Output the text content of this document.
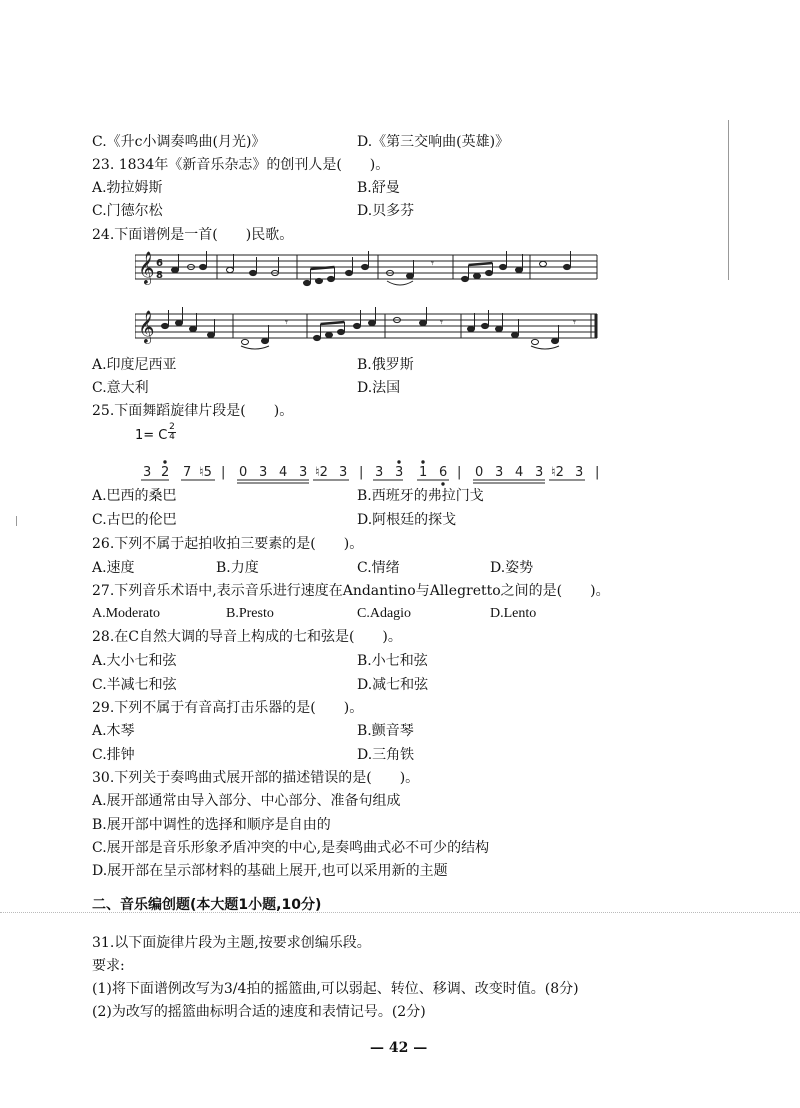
C.《升c小调奏鸣曲(月光)》	D.《第三交响曲(英雄)》
23. 1834年《新音乐杂志》的创刊人是(　　)。
A.勃拉姆斯	B.舒曼
C.门德尔松	D.贝多芬
24.下面谱例是一首(　　)民歌。
𝄞 6
8
𝄾
𝄞	𝄾	𝄾	𝄾
A.印度尼西亚	B.俄罗斯
C.意大利	D.法国
25.下面舞蹈旋律片段是(　　)。
1= C
2
4
3 2 7 ♮5 | 0 3 4 3 ♮2 3 | 3 3 1 6 | 0 3 4 3 ♮2 3 |
A.巴西的桑巴	B.西班牙的弗拉门戈
C.古巴的伦巴	D.阿根廷的探戈
26.下列不属于起拍收拍三要素的是(　　)。
A.速度	B.力度	C.情绪	D.姿势
27.下列音乐术语中,表示音乐进行速度在Andantino与Allegretto之间的是(　　)。
A.Moderato	B.Presto	C.Adagio	D.Lento
28.在C自然大调的导音上构成的七和弦是(　　)。
A.大小七和弦	B.小七和弦
C.半减七和弦	D.减七和弦
29.下列不属于有音高打击乐器的是(　　)。
A.木琴	B.颤音琴
C.排钟	D.三角铁
30.下列关于奏鸣曲式展开部的描述错误的是(　　)。
A.展开部通常由导入部分、中心部分、准备句组成
B.展开部中调性的选择和顺序是自由的
C.展开部是音乐形象矛盾冲突的中心,是奏鸣曲式必不可少的结构
D.展开部在呈示部材料的基础上展开,也可以采用新的主题
二、音乐编创题(本大题1小题,10分)
31.以下面旋律片段为主题,按要求创编乐段。
要求:
(1)将下面谱例改写为3/4拍的摇篮曲,可以弱起、转位、移调、改变时值。(8分)
(2)为改写的摇篮曲标明合适的速度和表情记号。(2分)
— 42 —
